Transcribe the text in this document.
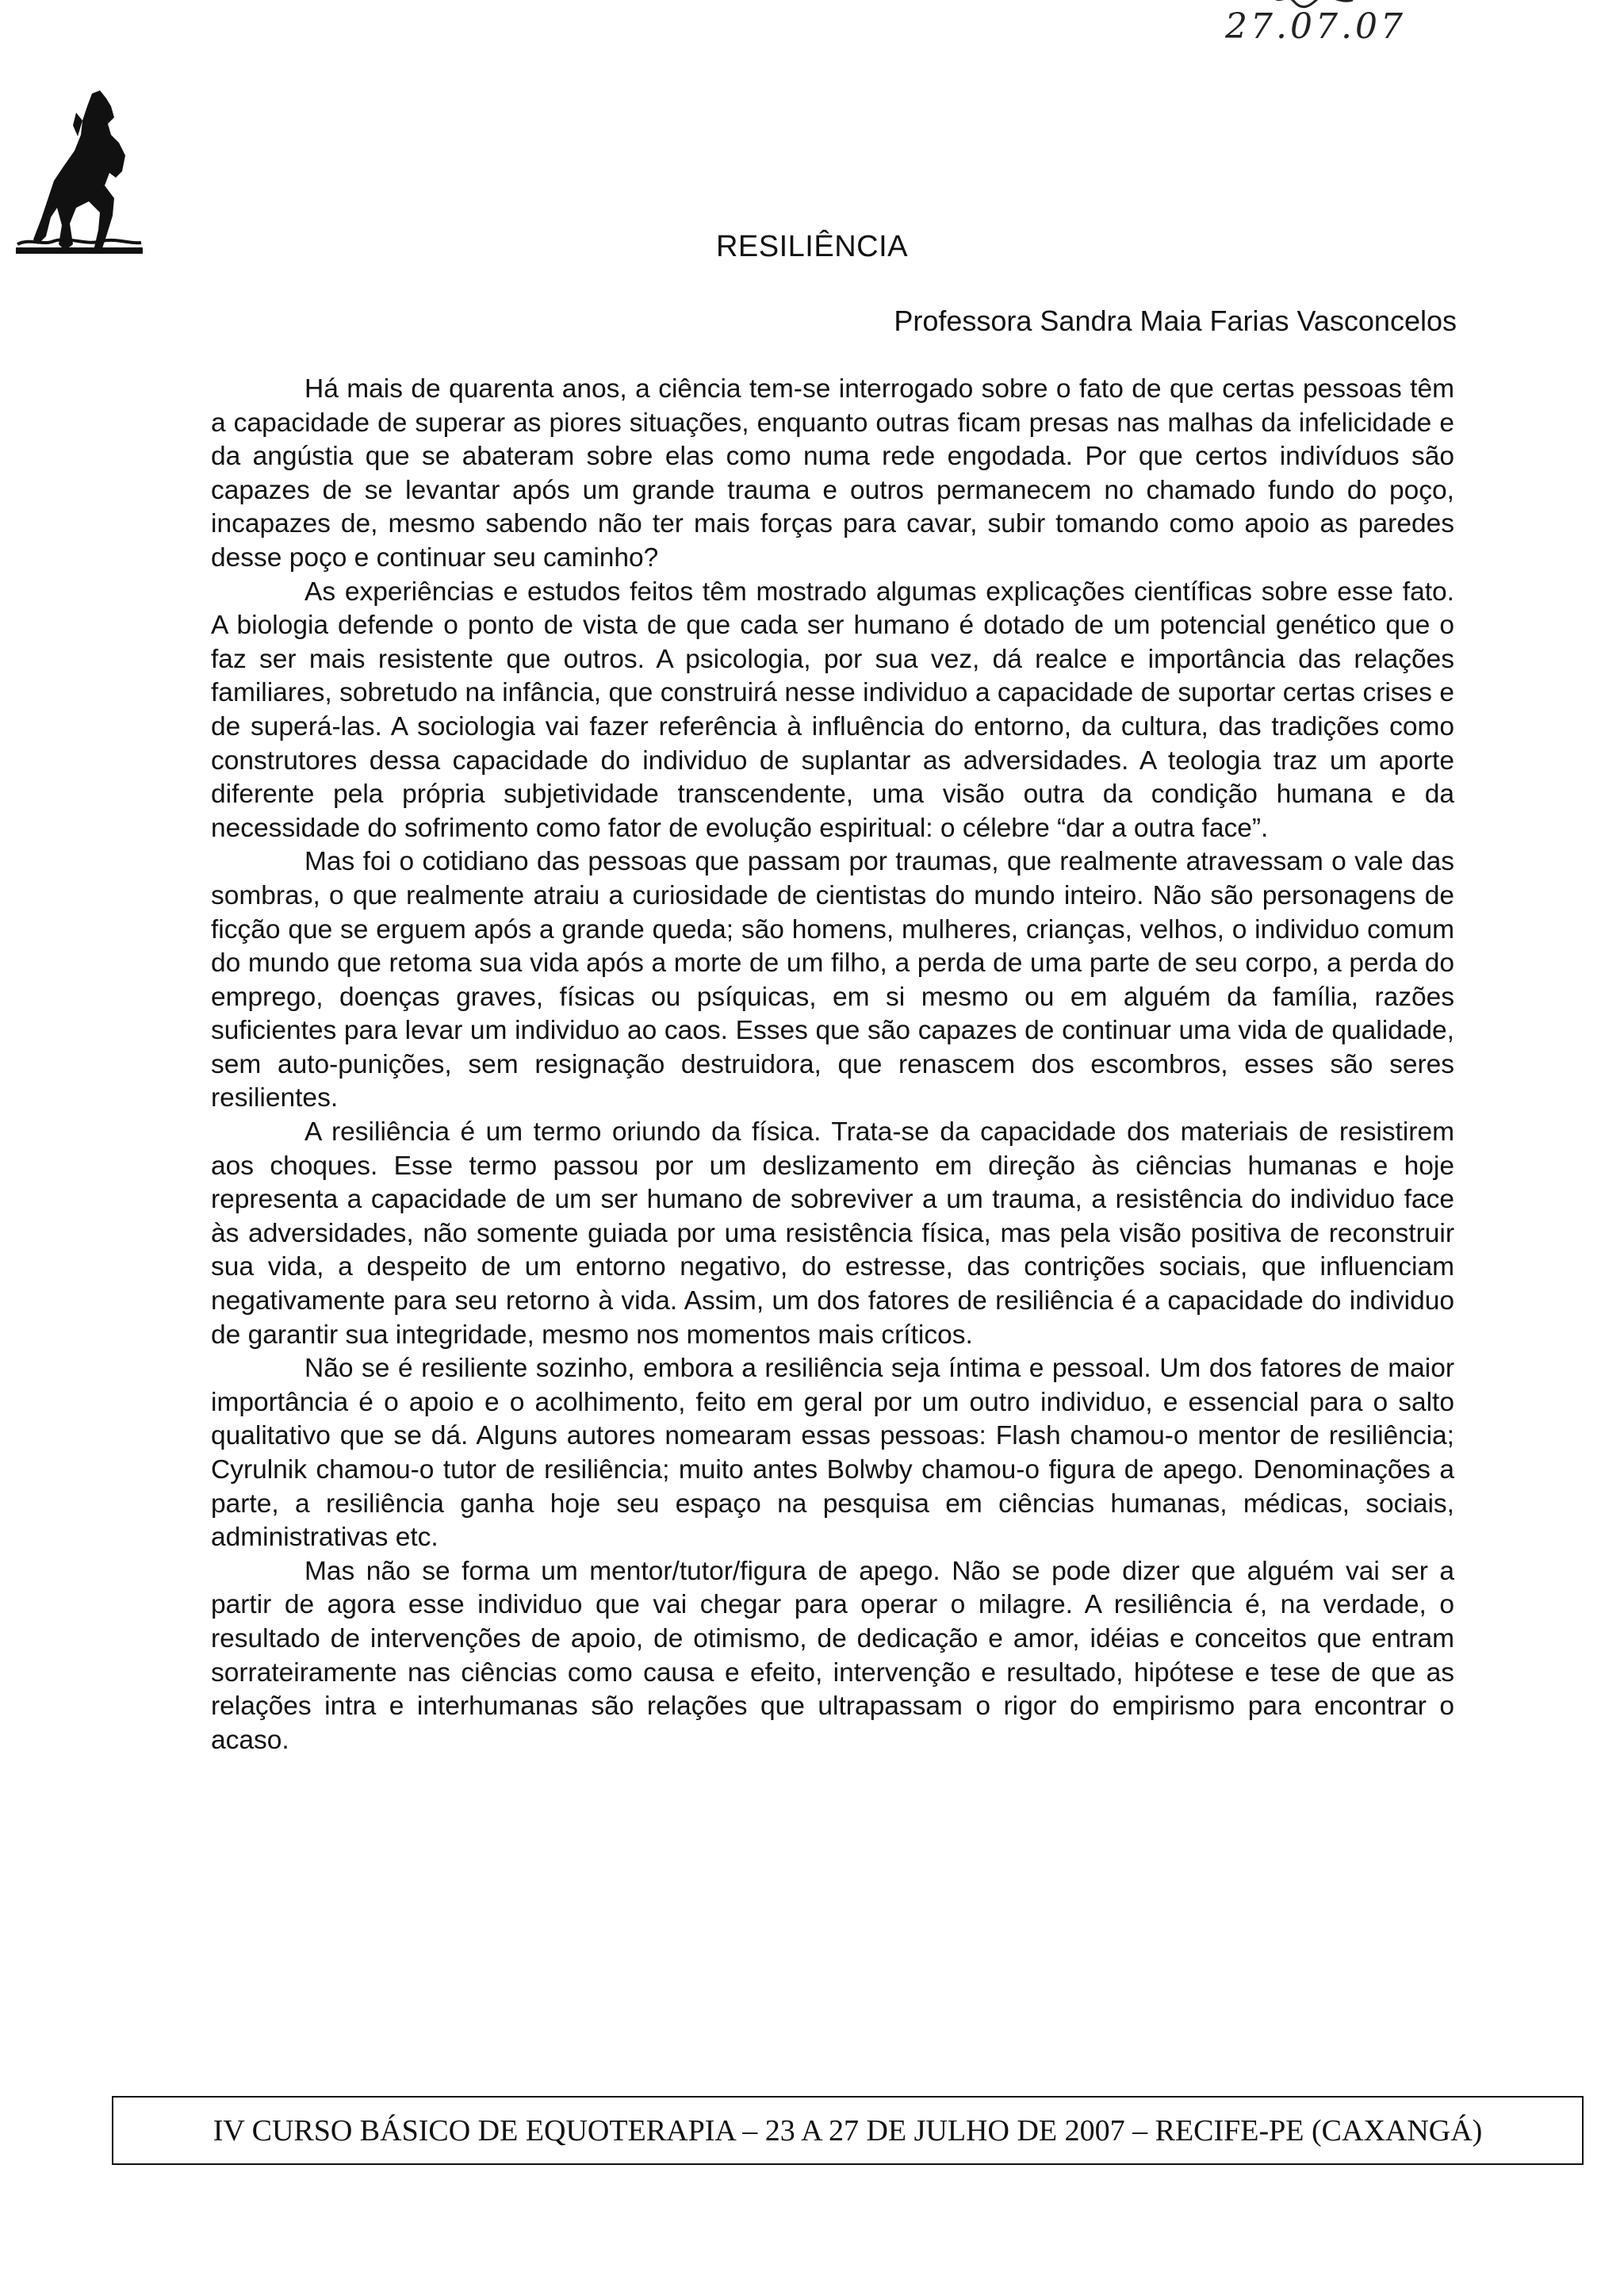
27.07.07
RESILIÊNCIA

Professora Sandra Maia Farias Vasconcelos

Há mais de quarenta anos, a ciência tem-se interrogado sobre o fato de que certas pessoas têm a capacidade de superar as piores situações, enquanto outras ficam presas nas malhas da infelicidade e da angústia que se abateram sobre elas como numa rede engodada. Por que certos indivíduos são capazes de se levantar após um grande trauma e outros permanecem no chamado fundo do poço, incapazes de, mesmo sabendo não ter mais forças para cavar, subir tomando como apoio as paredes desse poço e continuar seu caminho?

As experiências e estudos feitos têm mostrado algumas explicações científicas sobre esse fato. A biologia defende o ponto de vista de que cada ser humano é dotado de um potencial genético que o faz ser mais resistente que outros. A psicologia, por sua vez, dá realce e importância das relações familiares, sobretudo na infância, que construirá nesse individuo a capacidade de suportar certas crises e de superá-las. A sociologia vai fazer referência à influência do entorno, da cultura, das tradições como construtores dessa capacidade do individuo de suplantar as adversidades. A teologia traz um aporte diferente pela própria subjetividade transcendente, uma visão outra da condição humana e da necessidade do sofrimento como fator de evolução espiritual: o célebre “dar a outra face”.

Mas foi o cotidiano das pessoas que passam por traumas, que realmente atravessam o vale das sombras, o que realmente atraiu a curiosidade de cientistas do mundo inteiro. Não são personagens de ficção que se erguem após a grande queda; são homens, mulheres, crianças, velhos, o individuo comum do mundo que retoma sua vida após a morte de um filho, a perda de uma parte de seu corpo, a perda do emprego, doenças graves, físicas ou psíquicas, em si mesmo ou em alguém da família, razões suficientes para levar um individuo ao caos. Esses que são capazes de continuar uma vida de qualidade, sem auto-punições, sem resignação destruidora, que renascem dos escombros, esses são seres resilientes.

A resiliência é um termo oriundo da física. Trata-se da capacidade dos materiais de resistirem aos choques. Esse termo passou por um deslizamento em direção às ciências humanas e hoje representa a capacidade de um ser humano de sobreviver a um trauma, a resistência do individuo face às adversidades, não somente guiada por uma resistência física, mas pela visão positiva de reconstruir sua vida, a despeito de um entorno negativo, do estresse, das contrições sociais, que influenciam negativamente para seu retorno à vida. Assim, um dos fatores de resiliência é a capacidade do individuo de garantir sua integridade, mesmo nos momentos mais críticos.

Não se é resiliente sozinho, embora a resiliência seja íntima e pessoal. Um dos fatores de maior importância é o apoio e o acolhimento, feito em geral por um outro individuo, e essencial para o salto qualitativo que se dá. Alguns autores nomearam essas pessoas: Flash chamou-o mentor de resiliência; Cyrulnik chamou-o tutor de resiliência; muito antes Bolwby chamou-o figura de apego. Denominações a parte, a resiliência ganha hoje seu espaço na pesquisa em ciências humanas, médicas, sociais, administrativas etc.

Mas não se forma um mentor/tutor/figura de apego. Não se pode dizer que alguém vai ser a partir de agora esse individuo que vai chegar para operar o milagre. A resiliência é, na verdade, o resultado de intervenções de apoio, de otimismo, de dedicação e amor, idéias e conceitos que entram sorrateiramente nas ciências como causa e efeito, intervenção e resultado, hipótese e tese de que as relações intra e interhumanas são relações que ultrapassam o rigor do empirismo para encontrar o acaso.

IV CURSO BÁSICO DE EQUOTERAPIA – 23 A 27 DE JULHO DE 2007 – RECIFE-PE (CAXANGÁ)
